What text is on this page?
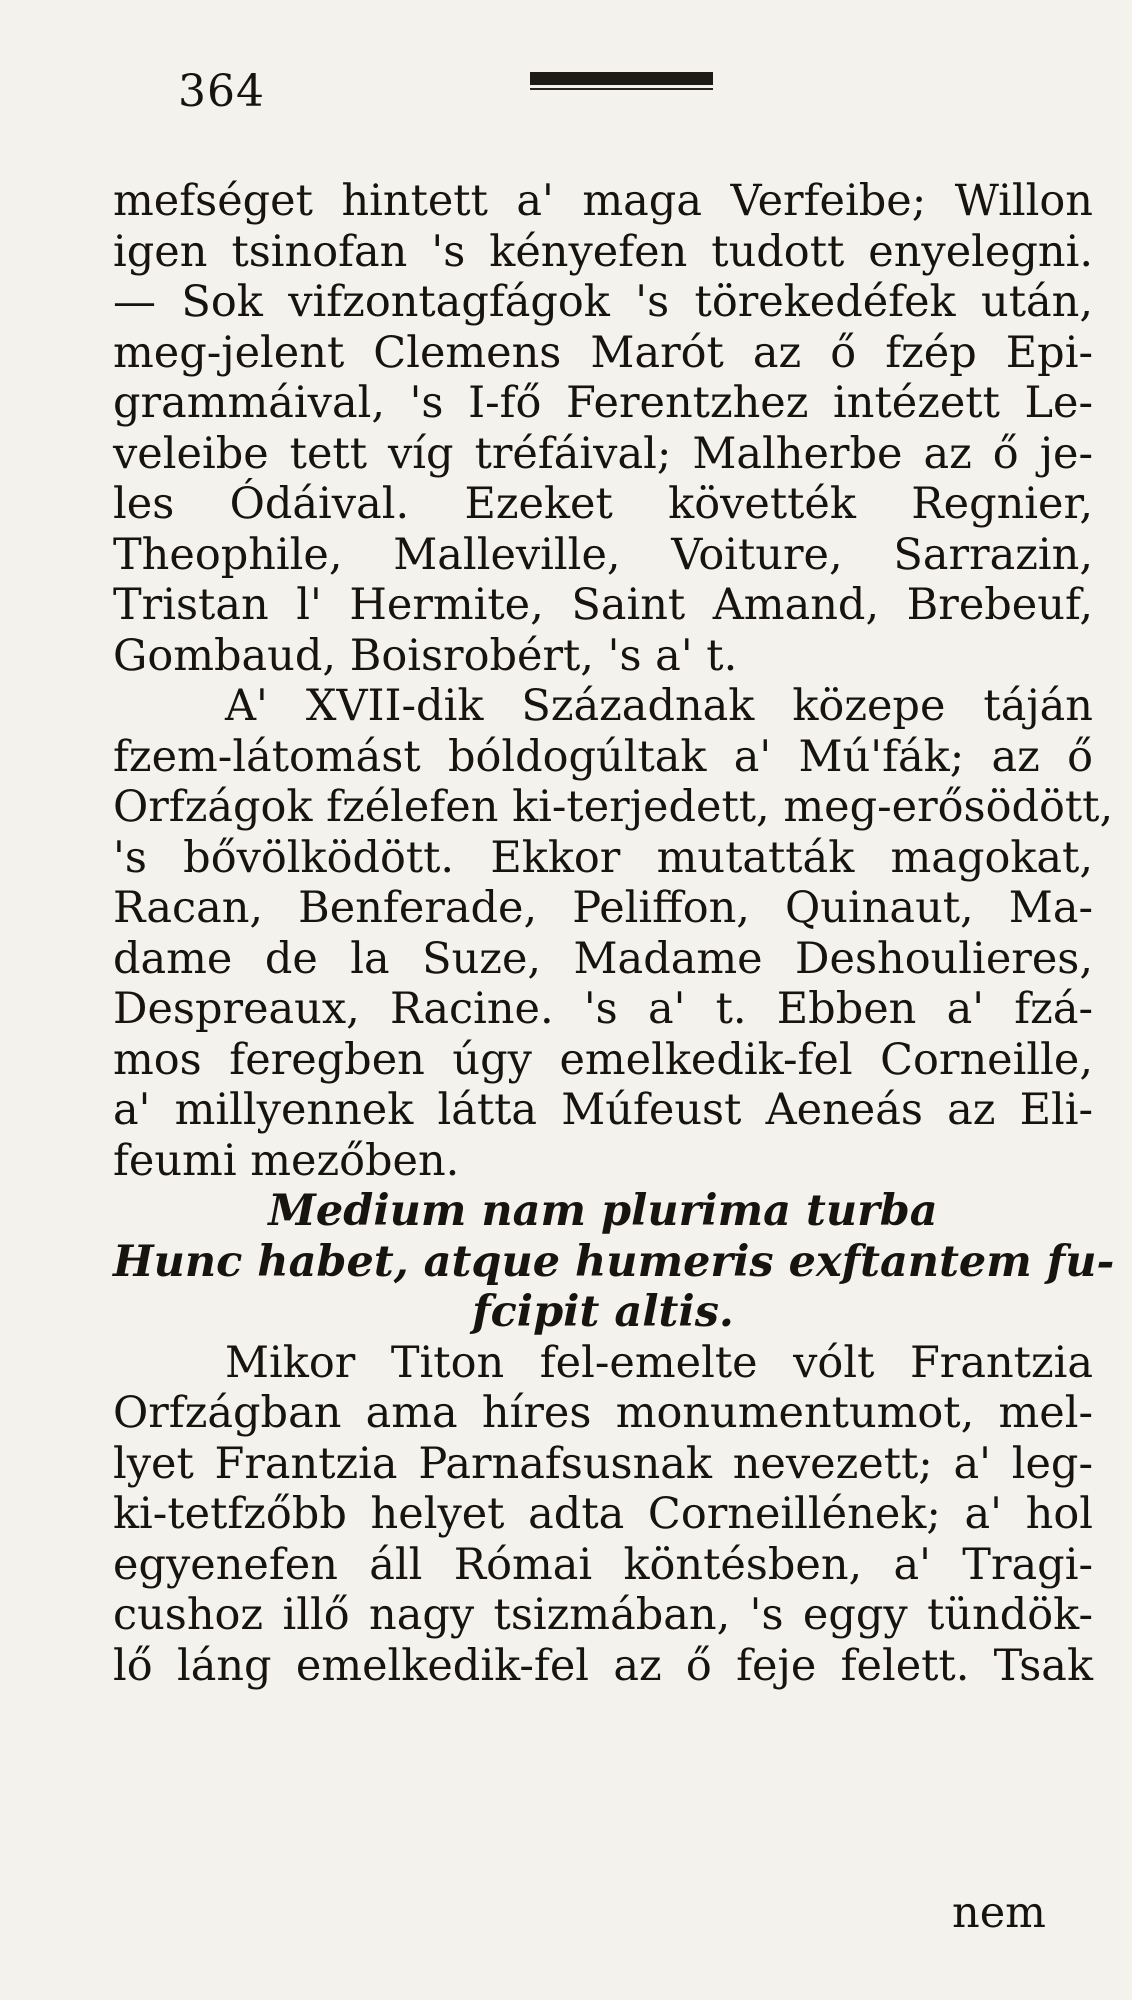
364
mefséget hintett a' maga Verfeibe; Willon
igen tsinofan 's kényefen tudott enyelegni.
— Sok vifzontagfágok 's törekedéfek után,
meg-jelent Clemens Marót az ő fzép Epi-
grammáival, 's I-fő Ferentzhez intézett Le-
veleibe tett víg tréfáival; Malherbe az ő je-
les Ódáival. Ezeket követték Regnier,
Theophile, Malleville, Voiture, Sarrazin,
Tristan l' Hermite, Saint Amand, Brebeuf,
Gombaud, Boisrobért, 's a' t.
A' XVII-dik Századnak közepe táján
fzem-látomást bóldogúltak a' Mú'fák; az ő
Orfzágok fzélefen ki-terjedett, meg-erősödött,
's bővölködött. Ekkor mutatták magokat,
Racan, Benferade, Peliffon, Quinaut, Ma-
dame de la Suze, Madame Deshoulieres,
Despreaux, Racine. 's a' t. Ebben a' fzá-
mos feregben úgy emelkedik-fel Corneille,
a' millyennek látta Múfeust Aeneás az Eli-
feumi mezőben.
Medium nam plurima turba
Hunc habet, atque humeris exftantem fu-
fcipit altis.
Mikor Titon fel-emelte vólt Frantzia
Orfzágban ama híres monumentumot, mel-
lyet Frantzia Parnafsusnak nevezett; a' leg-
ki-tetfzőbb helyet adta Corneillének; a' hol
egyenefen áll Római köntésben, a' Tragi-
cushoz illő nagy tsizmában, 's eggy tündök-
lő láng emelkedik-fel az ő feje felett. Tsak
nem
